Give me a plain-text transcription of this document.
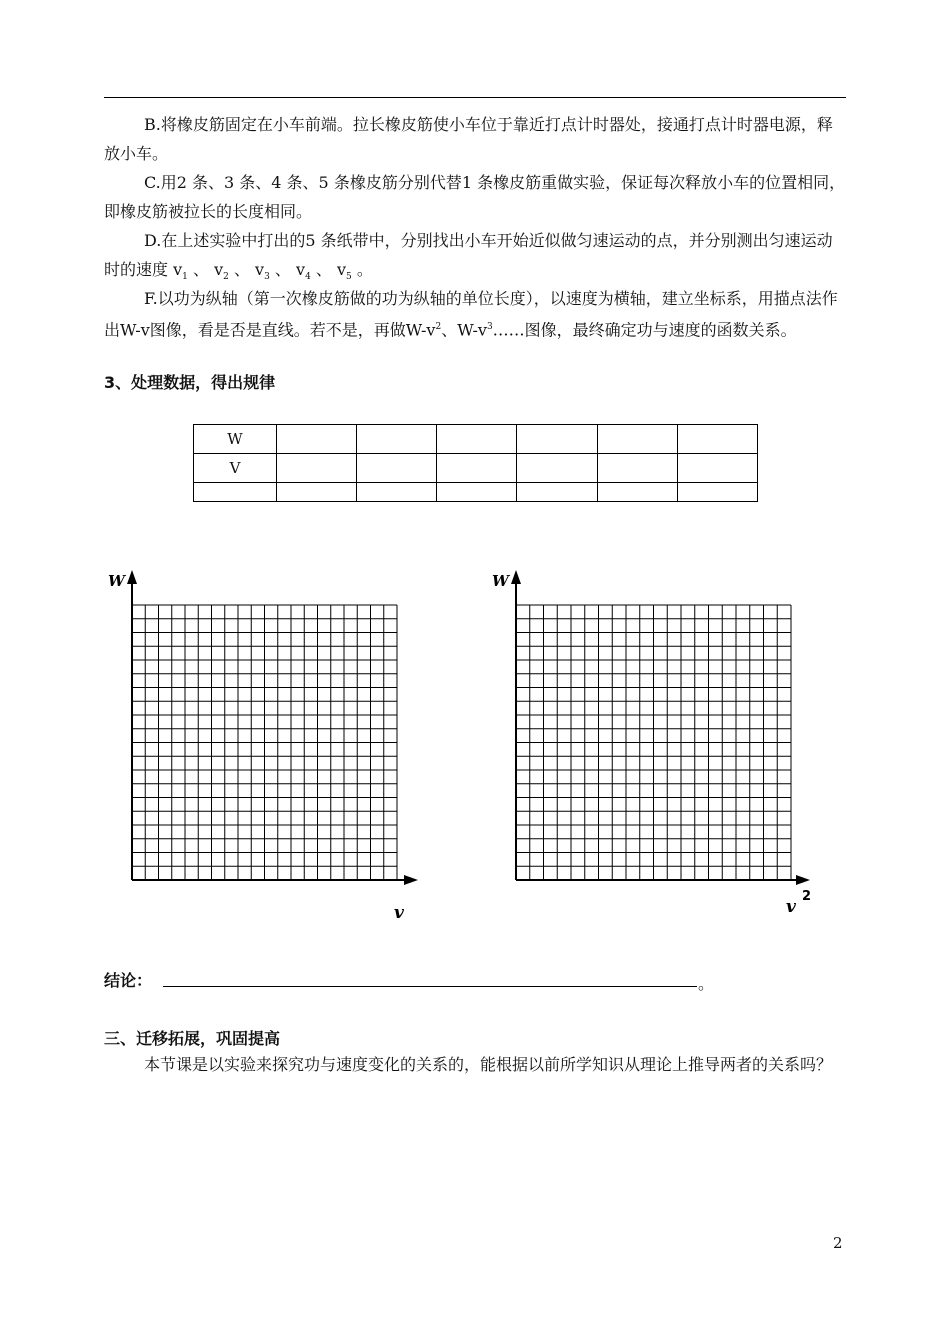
B.将橡皮筋固定在小车前端。拉长橡皮筋使小车位于靠近打点计时器处，接通打点计时器电源，释放小车。

C.用2 条、3 条、4 条、5 条橡皮筋分别代替1 条橡皮筋重做实验，保证每次释放小车的位置相同，即橡皮筋被拉长的长度相同。

D.在上述实验中打出的5 条纸带中，分别找出小车开始近似做匀速运动的点，并分别测出匀速运动时的速度 $v_1$ 、 $v_2$ 、 $v_3$ 、 $v_4$ 、 $v_5$ 。

F.以功为纵轴（第一次橡皮筋做的功为纵轴的单位长度），以速度为横轴，建立坐标系，用描点法作出W-v图像，看是否是直线。若不是，再做$W-v^2$、$W-v^3\dots\dots$图像，最终确定功与速度的函数关系。

3、处理数据，得出规律
W						
V						

W
v
W
v
2
结论：	。
三、迁移拓展，巩固提高

本节课是以实验来探究功与速度变化的关系的，能根据以前所学知识从理论上推导两者的关系吗？

2
